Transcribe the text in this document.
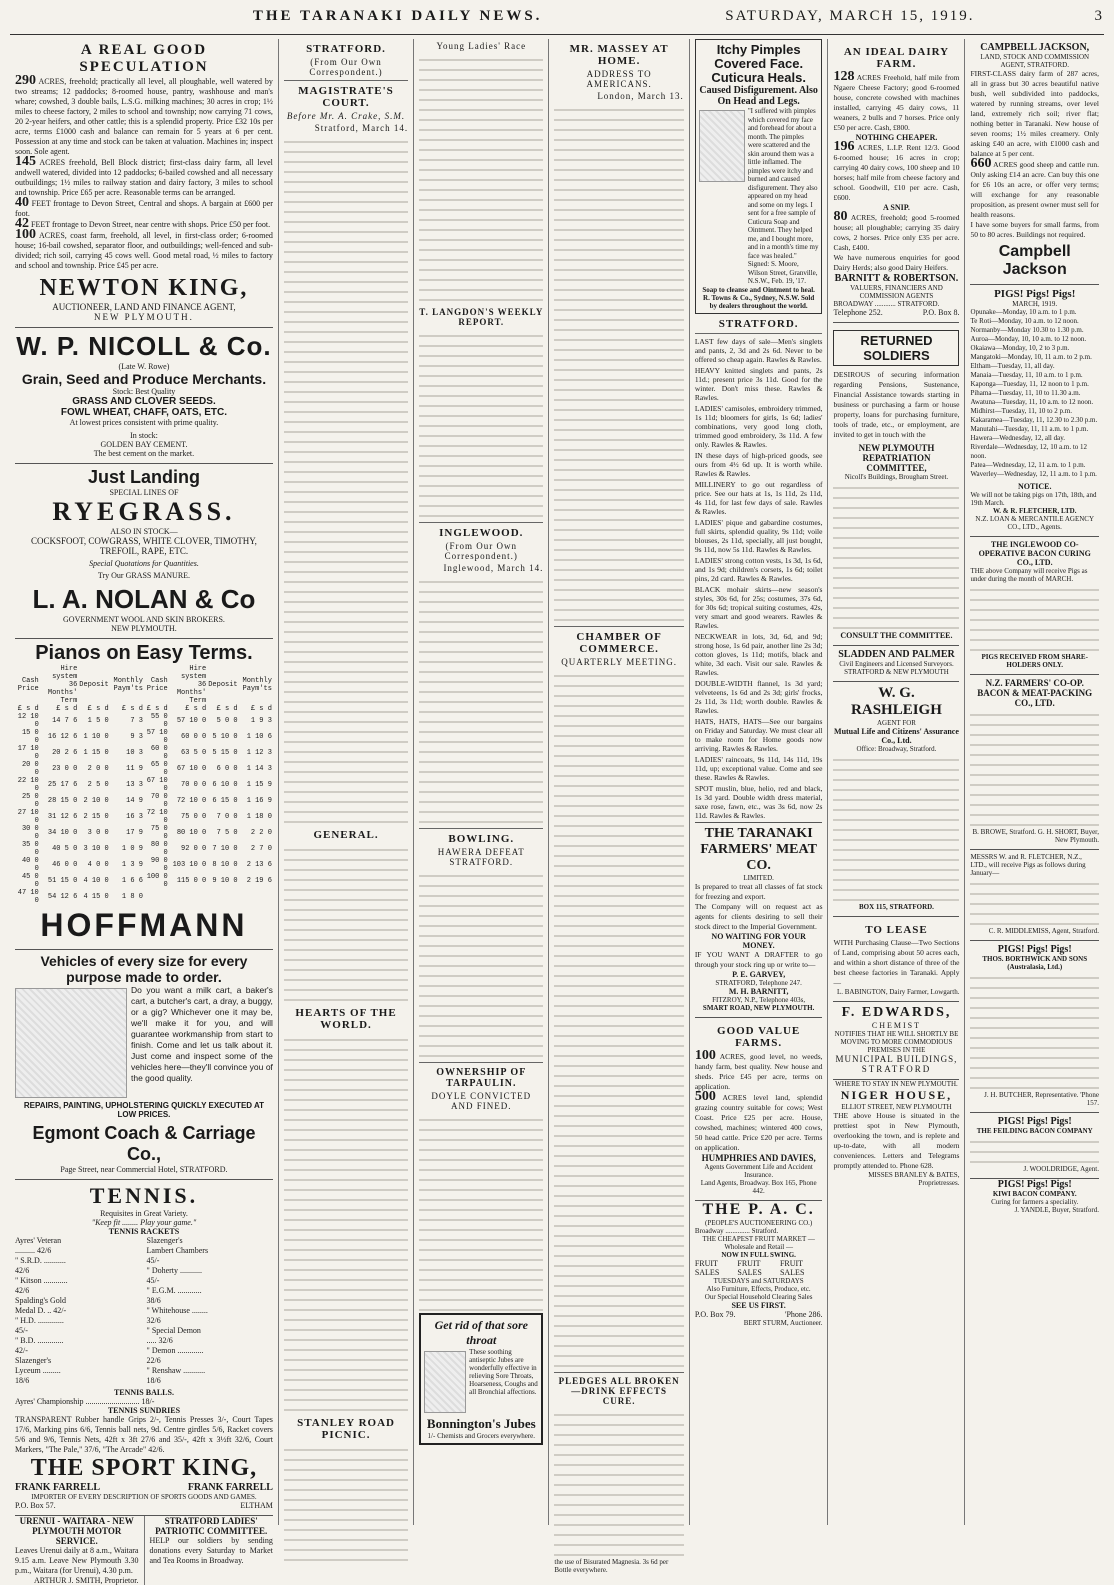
THE TARANAKI DAILY NEWS.	SATURDAY, MARCH 15, 1919.	3
A REAL GOOD SPECULATION
290 ACRES, freehold; practically all level, all ploughable, well watered by two streams; 12 paddocks; 8-roomed house, pantry, washhouse and man's whare; cowshed, 3 double bails, L.S.G. milking machines; 30 acres in crop; 1½ miles to cheese factory, 2 miles to school and township; now carrying 71 cows, 20 2-year heifers, and other cattle; this is a splendid property. Price £32 10s per acre, terms £1000 cash and balance can remain for 5 years at 6 per cent. Possession at any time and stock can be taken at valuation. Machines in; inspect soon. Sole agent.
145 ACRES freehold, Bell Block district; first-class dairy farm, all level andwell watered, divided into 12 paddocks; 6-bailed cowshed and all necessary outbuildings; 1½ miles to railway station and dairy factory, 3 miles to school and township. Price £65 per acre. Reasonable terms can be arranged.
40 FEET frontage to Devon Street, Central and shops. A bargain at £600 per foot.
42 FEET frontage to Devon Street, near centre with shops. Price £50 per foot.
100 ACRES, coast farm, freehold, all level, in first-class order; 6-roomed house; 16-bail cowshed, separator floor, and outbuildings; well-fenced and sub-divided; rich soil, carrying 45 cows well. Good metal road, ½ miles to factory and school and township. Price £45 per acre.
NEWTON KING,
AUCTIONEER, LAND AND FINANCE AGENT,
NEW PLYMOUTH.
W. P. NICOLL & Co.
(Late W. Rowe)
Grain, Seed and Produce Merchants.
Stock: Best Quality
GRASS AND CLOVER SEEDS.
FOWL WHEAT, CHAFF, OATS, ETC.
At lowest prices consistent with prime quality.
In stock:
GOLDEN BAY CEMENT.
The best cement on the market.
Just Landing
SPECIAL LINES OF
RYEGRASS.
ALSO IN STOCK—
COCKSFOOT, COWGRASS, WHITE CLOVER, TIMOTHY, TREFOIL, RAPE, ETC.
Special Quotations for Quantities.
Try Our GRASS MANURE.
L. A. NOLAN & Co
GOVERNMENT WOOL AND SKIN BROKERS.
NEW PLYMOUTH.
Pianos on Easy Terms.
Cash Price	Hire system 36 Months' Term	Deposit	Monthly Paym'ts	Cash Price	Hire system 36 Months' Term	Deposit	Monthly Paym'ts
£ s d	£ s d	£ s d	£ s d	£ s d	£ s d	£ s d	£ s d
12 10 0	14 7 6	1 5 0	7 3	55 0 0	57 10 0	5 0 0	1 9 3
15 0 0	16 12 6	1 10 0	9 3	57 10 0	60 0 0	5 10 0	1 10 6
17 10 0	20 2 6	1 15 0	10 3	60 0 0	63 5 0	5 15 0	1 12 3
20 0 0	23 0 0	2 0 0	11 9	65 0 0	67 10 0	6 0 0	1 14 3
22 10 0	25 17 6	2 5 0	13 3	67 10 0	70 0 0	6 10 0	1 15 9
25 0 0	28 15 0	2 10 0	14 9	70 0 0	72 10 0	6 15 0	1 16 9
27 10 0	31 12 6	2 15 0	16 3	72 10 0	75 0 0	7 0 0	1 18 0
30 0 0	34 10 0	3 0 0	17 9	75 0 0	80 10 0	7 5 0	2 2 0
35 0 0	40 5 0	3 10 0	1 0 9	80 0 0	92 0 0	7 10 0	2 7 0
40 0 0	46 0 0	4 0 0	1 3 9	90 0 0	103 10 0	8 10 0	2 13 6
45 0 0	51 15 0	4 10 0	1 6 6	100 0 0	115 0 0	9 10 0	2 19 6
47 10 0	54 12 6	4 15 0	1 8 0				
HOFFMANN
Vehicles of every size for every
purpose made to order.
Do you want a milk cart, a baker's cart, a butcher's cart, a dray, a buggy, or a gig? Whichever one it may be, we'll make it for you, and will guarantee workmanship from start to finish. Come and let us talk about it. Just come and inspect some of the vehicles here—they'll convince you of the good quality.
REPAIRS, PAINTING, UPHOLSTERING QUICKLY EXECUTED AT LOW PRICES.
Egmont Coach & Carriage Co.,
Page Street, near Commercial Hotel, STRATFORD.
TENNIS.
Requisites in Great Variety.
"Keep fit ........ Play your game."
TENNIS RACKETS
Ayres' Veteran .......... 42/6
" S.R.D. ........... 42/6
" Kitson ............ 42/6
Spalding's Gold Medal D. .. 42/-
" H.D. ............. 45/-
" B.D. ............. 42/-
Slazenger's Lyceum ......... 18/6
Slazenger's Lambert Chambers 45/-
" Doherty ........... 45/-
" E.G.M. ............ 38/6
" Whitehouse ........ 32/6
" Special Demon ..... 32/6
" Demon ............. 22/6
" Renshaw ........... 18/6
TENNIS BALLS.
Ayres' Championship ........................... 18/-
TENNIS SUNDRIES
TRANSPARENT Rubber handle Grips 2/-, Tennis Presses 3/-, Court Tapes 17/6, Marking pins 6/6, Tennis ball nets, 9d. Centre girdles 5/6, Racket covers 5/6 and 9/6, Tennis Nets, 42ft x 3ft 27/6 and 35/-, 42ft x 3½ft 32/6, Court Markers, "The Pale," 37/6, "The Arcade" 42/6.
THE SPORT KING,
FRANK FARRELL	FRANK FARRELL
IMPORTER OF EVERY DESCRIPTION OF SPORTS GOODS AND GAMES.
P.O. Box 57.	ELTHAM
URENUI - WAITARA - NEW PLYMOUTH MOTOR SERVICE.
Leaves Urenui daily at 8 a.m., Waitara 9.15 a.m. Leave New Plymouth 3.30 p.m., Waitara (for Urenui), 4.30 p.m.
ARTHUR J. SMITH, Proprietor.
STRATFORD LADIES' PATRIOTIC COMMITTEE.
HELP our soldiers by sending donations every Saturday to Market and Tea Rooms in Broadway.
STRATFORD.
(From Our Own Correspondent.)
MAGISTRATE'S COURT.
Before Mr. A. Crake, S.M.
Stratford, March 14.
GENERAL.
HEARTS OF THE WORLD.
STANLEY ROAD PICNIC.
Young Ladies' Race
T. LANGDON'S WEEKLY REPORT.
INGLEWOOD.
(From Our Own Correspondent.)
Inglewood, March 14.
BOWLING.
HAWERA DEFEAT STRATFORD.
OWNERSHIP OF TARPAULIN.
DOYLE CONVICTED AND FINED.
Get rid of that sore throat
These soothing antiseptic Jubes are wonderfully effective in relieving Sore Throats, Hoarseness, Coughs and all Bronchial affections.
Bonnington's Jubes
1/- Chemists and Grocers everywhere.
MR. MASSEY AT HOME.
ADDRESS TO AMERICANS.
London, March 13.
CHAMBER OF COMMERCE.
QUARTERLY MEETING.
PLEDGES ALL BROKEN—DRINK EFFECTS CURE.
the use of Bisurated Magnesia. 3s 6d per Bottle everywhere.
Itchy Pimples Covered Face. Cuticura Heals.
Caused Disfigurement. Also On Head and Legs.
"I suffered with pimples which covered my face and forehead for about a month. The pimples were scattered and the skin around them was a little inflamed. The pimples were itchy and burned and caused disfigurement. They also appeared on my head and some on my legs. I sent for a free sample of Cuticura Soap and Ointment. They helped me, and I bought more, and in a month's time my face was healed." Signed: S. Moore, Wilson Street, Granville, N.S.W., Feb. 19, '17.
Soap to cleanse and Ointment to heal. R. Towns & Co., Sydney, N.S.W. Sold by dealers throughout the world.
STRATFORD.
LAST few days of sale—Men's singlets and pants, 2, 3d and 2s 6d. Never to be offered so cheap again. Rawles & Rawles.
HEAVY knitted singlets and pants, 2s 11d.; present price 3s 11d. Good for the winter. Don't miss these. Rawles & Rawles.
LADIES' camisoles, embroidery trimmed, 1s 11d; bloomers for girls, 1s 6d; ladies' combinations, very good long cloth, trimmed good embroidery, 3s 11d. A few only. Rawles & Rawles.
IN these days of high-priced goods, see ours from 4½ 6d up. It is worth while. Rawles & Rawles.
MILLINERY to go out regardless of price. See our hats at 1s, 1s 11d, 2s 11d, 4s 11d, for last few days of sale. Rawles & Rawles.
LADIES' pique and gabardine costumes, full skirts, splendid quality, 9s 11d; voile blouses, 2s 11d, specially, all just bought, 9s 11d, now 5s 11d. Rawles & Rawles.
LADIES' strong cotton vests, 1s 3d, 1s 6d, and 1s 9d; children's corsets, 1s 6d; toilet pins, 2d card. Rawles & Rawles.
BLACK mohair skirts—new season's styles, 30s 6d, for 25s; costumes, 37s 6d, for 30s 6d; tropical suiting costumes, 42s, very smart and good wearers. Rawles & Rawles.
NECKWEAR in lots, 3d, 6d, and 9d; strong hose, 1s 6d pair, another line 2s 3d; cotton gloves, 1s 11d; motifs, black and white, 3d each. Visit our sale. Rawles & Rawles.
DOUBLE-WIDTH flannel, 1s 3d yard; velveteens, 1s 6d and 2s 3d; girls' frocks, 2s 11d, 3s 11d; worth double. Rawles & Rawles.
HATS, HATS, HATS—See our bargains on Friday and Saturday. We must clear all to make room for Home goods now arriving. Rawles & Rawles.
LADIES' raincoats, 9s 11d, 14s 11d, 19s 11d, up; exceptional value. Come and see these. Rawles & Rawles.
SPOT muslin, blue, helio, red and black, 1s 3d yard. Double width dress material, saxe rose, fawn, etc., was 3s 6d, now 2s 11d. Rawles & Rawles.
THE TARANAKI FARMERS' MEAT CO.
LIMITED.
Is prepared to treat all classes of fat stock for freezing and export.
The Company will on request act as agents for clients desiring to sell their stock direct to the Imperial Government.
NO WAITING FOR YOUR MONEY.
IF YOU WANT A DRAFTER to go through your stock ring up or write to—
P. E. GARVEY,
STRATFORD, Telephone 247.
M. H. BARNITT,
FITZROY, N.P., Telephone 403s,
SMART ROAD, NEW PLYMOUTH.
GOOD VALUE FARMS.
100 ACRES, good level, no weeds, handy farm, best quality. New house and sheds. Price £45 per acre, terms on application.
500 ACRES level land, splendid grazing country suitable for cows; West Coast. Price £25 per acre. House, cowshed, machines; wintered 400 cows, 50 head cattle. Price £20 per acre. Terms on application.
HUMPHRIES AND DAVIES,
Agents Government Life and Accident Insurance.
Land Agents, Broadway. Box 165, Phone 442.
THE P. A. C.
(PEOPLE'S AUCTIONEERING CO.)
Broadway .............. Stratford.
THE CHEAPEST FRUIT MARKET — Wholesale and Retail —
NOW IN FULL SWING.
FRUIT SALES
FRUIT SALES
FRUIT SALES
TUESDAYS and SATURDAYS
Also Furniture, Effects, Produce, etc.
Our Special Household Clearing Sales
SEE US FIRST.
P.O. Box 79.	'Phone 286.
BERT STURM, Auctioneer.
AN IDEAL DAIRY FARM.
128 ACRES Freehold, half mile from Ngaere Cheese Factory; good 6-roomed house, concrete cowshed with machines installed, carrying 45 dairy cows, 11 weaners, 2 bulls and 7 horses. Price only £50 per acre. Cash, £800.
NOTHING CHEAPER.
196 ACRES, L.I.P. Rent 12/3. Good 6-roomed house; 16 acres in crop; carrying 40 dairy cows, 100 sheep and 10 horses; half mile from cheese factory and school. Goodwill, £10 per acre. Cash, £600.
A SNIP.
80 ACRES, freehold; good 5-roomed house; all ploughable; carrying 35 dairy cows, 2 horses. Price only £35 per acre. Cash, £400.
We have numerous enquiries for good Dairy Herds; also good Dairy Heifers.
BARNITT & ROBERTSON.
VALUERS, FINANCIERS AND COMMISSION AGENTS
BROADWAY ............ STRATFORD.
Telephone 252.	P.O. Box 8.
RETURNED SOLDIERS
DESIROUS of securing information regarding Pensions, Sustenance, Financial Assistance towards starting in business or purchasing a farm or house property, loans for purchasing furniture, tools of trade, etc., or employment, are invited to get in touch with the
NEW PLYMOUTH REPATRIATION COMMITTEE,
Nicoll's Buildings, Brougham Street.
CONSULT THE COMMITTEE.
SLADDEN AND PALMER
Civil Engineers and Licensed Surveyors.
STRATFORD & NEW PLYMOUTH
W. G. RASHLEIGH
AGENT FOR
Mutual Life and Citizens' Assurance Co., Ltd.
Office: Broadway, Stratford.
BOX 115, STRATFORD.
TO LEASE
WITH Purchasing Clause—Two Sections of Land, comprising about 50 acres each, and within a short distance of three of the best cheese factories in Taranaki. Apply—
L. BABINGTON, Dairy Farmer, Lowgarth.
F. EDWARDS,
CHEMIST
NOTIFIES THAT HE WILL SHORTLY BE MOVING TO MORE COMMODIOUS PREMISES IN THE
MUNICIPAL BUILDINGS,
STRATFORD
WHERE TO STAY IN NEW PLYMOUTH.
NIGER HOUSE,
ELLIOT STREET, NEW PLYMOUTH
THE above House is situated in the prettiest spot in New Plymouth, overlooking the town, and is replete and up-to-date, with all modern conveniences. Letters and Telegrams promptly attended to. Phone 628.
MISSES BRANLEY & BATES, Proprietresses.
CAMPBELL JACKSON,
LAND, STOCK AND COMMISSION AGENT, STRATFORD.
FIRST-CLASS dairy farm of 287 acres, all in grass but 30 acres beautiful native bush, well subdivided into paddocks, watered by running streams, over level land, extremely rich soil; river flat; nothing better in Taranaki. New house of seven rooms; 1½ miles creamery. Only asking £40 an acre, with £1000 cash and balance at 5 per cent.
660 ACRES good sheep and cattle run. Only asking £14 an acre. Can buy this one for £6 10s an acre, or offer very terms; will exchange for any reasonable proposition, as present owner must sell for health reasons.
I have some buyers for small farms, from 50 to 80 acres. Buildings not required.
Campbell Jackson
PIGS! Pigs! Pigs!
MARCH, 1919.
Opunake—Monday, 10 a.m. to 1 p.m.
Te Roti—Monday, 10 a.m. to 12 noon.
Normanby—Monday 10.30 to 1.30 p.m.
Auroa—Monday, 10, 10 a.m. to 12 noon.
Okaiawa—Monday, 10, 2 to 3 p.m.
Mangatoki—Monday, 10, 11 a.m. to 2 p.m.
Eltham—Tuesday, 11, all day.
Manaia—Tuesday, 11, 10 a.m. to 1 p.m.
Kaponga—Tuesday, 11, 12 noon to 1 p.m.
Pihama—Tuesday, 11, 10 to 11.30 a.m.
Awatuna—Tuesday, 11, 10 a.m. to 12 noon.
Midhirst—Tuesday, 11, 10 to 2 p.m.
Kakaramea—Tuesday, 11, 12.30 to 2.30 p.m.
Manutahi—Tuesday, 11, 11 a.m. to 1 p.m.
Hawera—Wednesday, 12, all day.
Riverdale—Wednesday, 12, 10 a.m. to 12 noon.
Patea—Wednesday, 12, 11 a.m. to 1 p.m.
Waverley—Wednesday, 12, 11 a.m. to 1 p.m.
NOTICE.
We will not be taking pigs on 17th, 18th, and 19th March.
W. & R. FLETCHER, LTD.
N.Z. LOAN & MERCANTILE AGENCY CO., LTD., Agents.
THE INGLEWOOD CO-OPERATIVE BACON CURING CO., LTD.
THE above Company will receive Pigs as under during the month of MARCH.
PIGS RECEIVED FROM SHARE-HOLDERS ONLY.
N.Z. FARMERS' CO-OP. BACON & MEAT-PACKING CO., LTD.
B. BROWE, Stratford. G. H. SHORT, Buyer, New Plymouth.
MESSRS W. and R. FLETCHER, N.Z., LTD., will receive Pigs as follows during January—
C. R. MIDDLEMISS, Agent, Stratford.
PIGS! Pigs! Pigs!
THOS. BORTHWICK AND SONS (Australasia, Ltd.)
J. H. BUTCHER, Representative. 'Phone 157.
PIGS! Pigs! Pigs!
THE FEILDING BACON COMPANY
J. WOOLDRIDGE, Agent.
PIGS! Pigs! Pigs!
KIWI BACON COMPANY.
Curing for farmers a speciality.
J. YANDLE, Buyer, Stratford.
